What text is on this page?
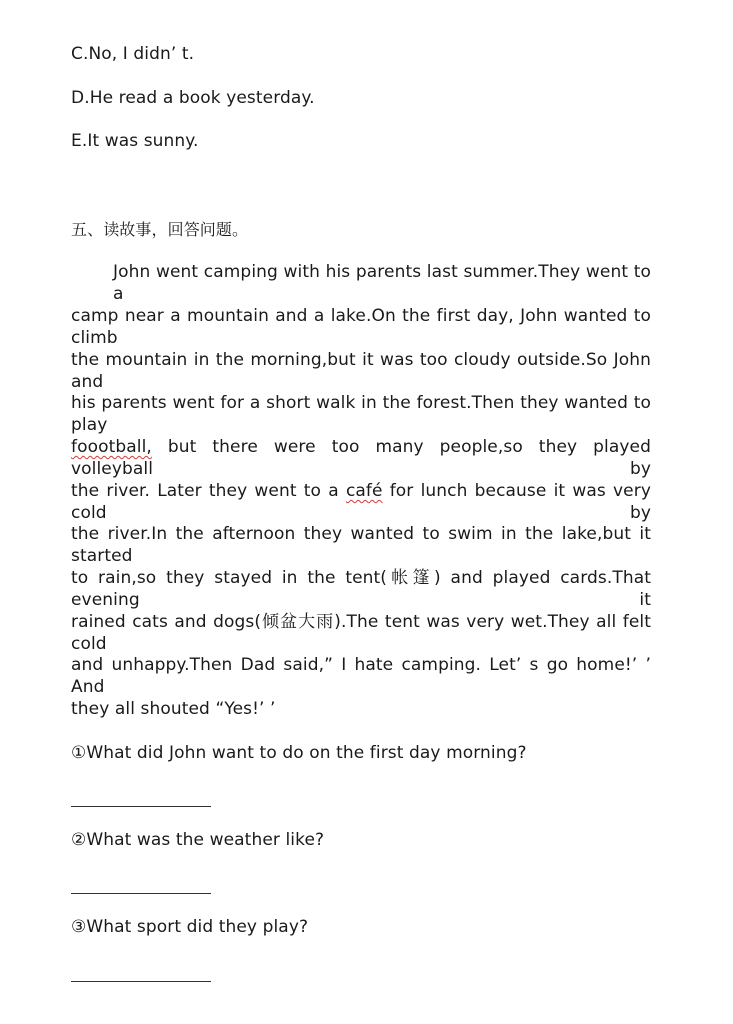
C.No, I didn’ t.
D.He read a book yesterday.
E.It was sunny.
五、读故事，回答问题。
John went camping with his parents last summer.They went to a
camp near a mountain and a lake.On the first day, John wanted to climb
the mountain in the morning,but it was too cloudy outside.So John and
his parents went for a short walk in the forest.Then they wanted to play
foootball, but there were too many people,so they played volleyball by
the river. Later they went to a café for lunch because it was very cold by
the river.In the afternoon they wanted to swim in the lake,but it started
to rain,so they stayed in the tent(帐篷) and played cards.That evening it
rained cats and dogs(倾盆大雨).The tent was very wet.They all felt cold
and unhappy.Then Dad said,” I hate camping. Let’ s go home!’ ’ And
they all shouted “Yes!’ ’
①What did John want to do on the first day morning?
②What was the weather like?
③What sport did they play?
